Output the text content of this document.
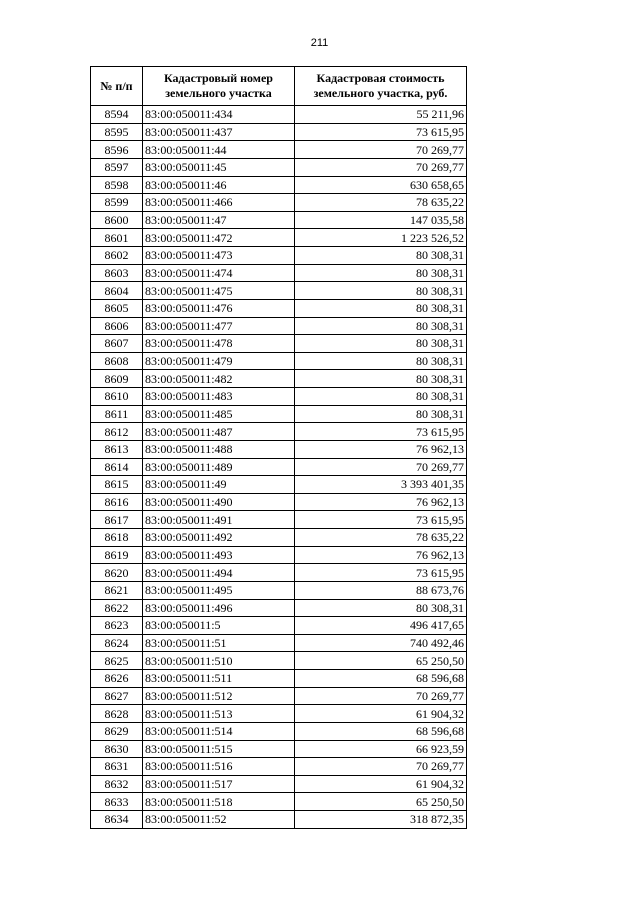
211
№ п/п	Кадастровый номер земельного участка	Кадастровая стоимость земельного участка, руб.
8594	83:00:050011:434	55 211,96
8595	83:00:050011:437	73 615,95
8596	83:00:050011:44	70 269,77
8597	83:00:050011:45	70 269,77
8598	83:00:050011:46	630 658,65
8599	83:00:050011:466	78 635,22
8600	83:00:050011:47	147 035,58
8601	83:00:050011:472	1 223 526,52
8602	83:00:050011:473	80 308,31
8603	83:00:050011:474	80 308,31
8604	83:00:050011:475	80 308,31
8605	83:00:050011:476	80 308,31
8606	83:00:050011:477	80 308,31
8607	83:00:050011:478	80 308,31
8608	83:00:050011:479	80 308,31
8609	83:00:050011:482	80 308,31
8610	83:00:050011:483	80 308,31
8611	83:00:050011:485	80 308,31
8612	83:00:050011:487	73 615,95
8613	83:00:050011:488	76 962,13
8614	83:00:050011:489	70 269,77
8615	83:00:050011:49	3 393 401,35
8616	83:00:050011:490	76 962,13
8617	83:00:050011:491	73 615,95
8618	83:00:050011:492	78 635,22
8619	83:00:050011:493	76 962,13
8620	83:00:050011:494	73 615,95
8621	83:00:050011:495	88 673,76
8622	83:00:050011:496	80 308,31
8623	83:00:050011:5	496 417,65
8624	83:00:050011:51	740 492,46
8625	83:00:050011:510	65 250,50
8626	83:00:050011:511	68 596,68
8627	83:00:050011:512	70 269,77
8628	83:00:050011:513	61 904,32
8629	83:00:050011:514	68 596,68
8630	83:00:050011:515	66 923,59
8631	83:00:050011:516	70 269,77
8632	83:00:050011:517	61 904,32
8633	83:00:050011:518	65 250,50
8634	83:00:050011:52	318 872,35
